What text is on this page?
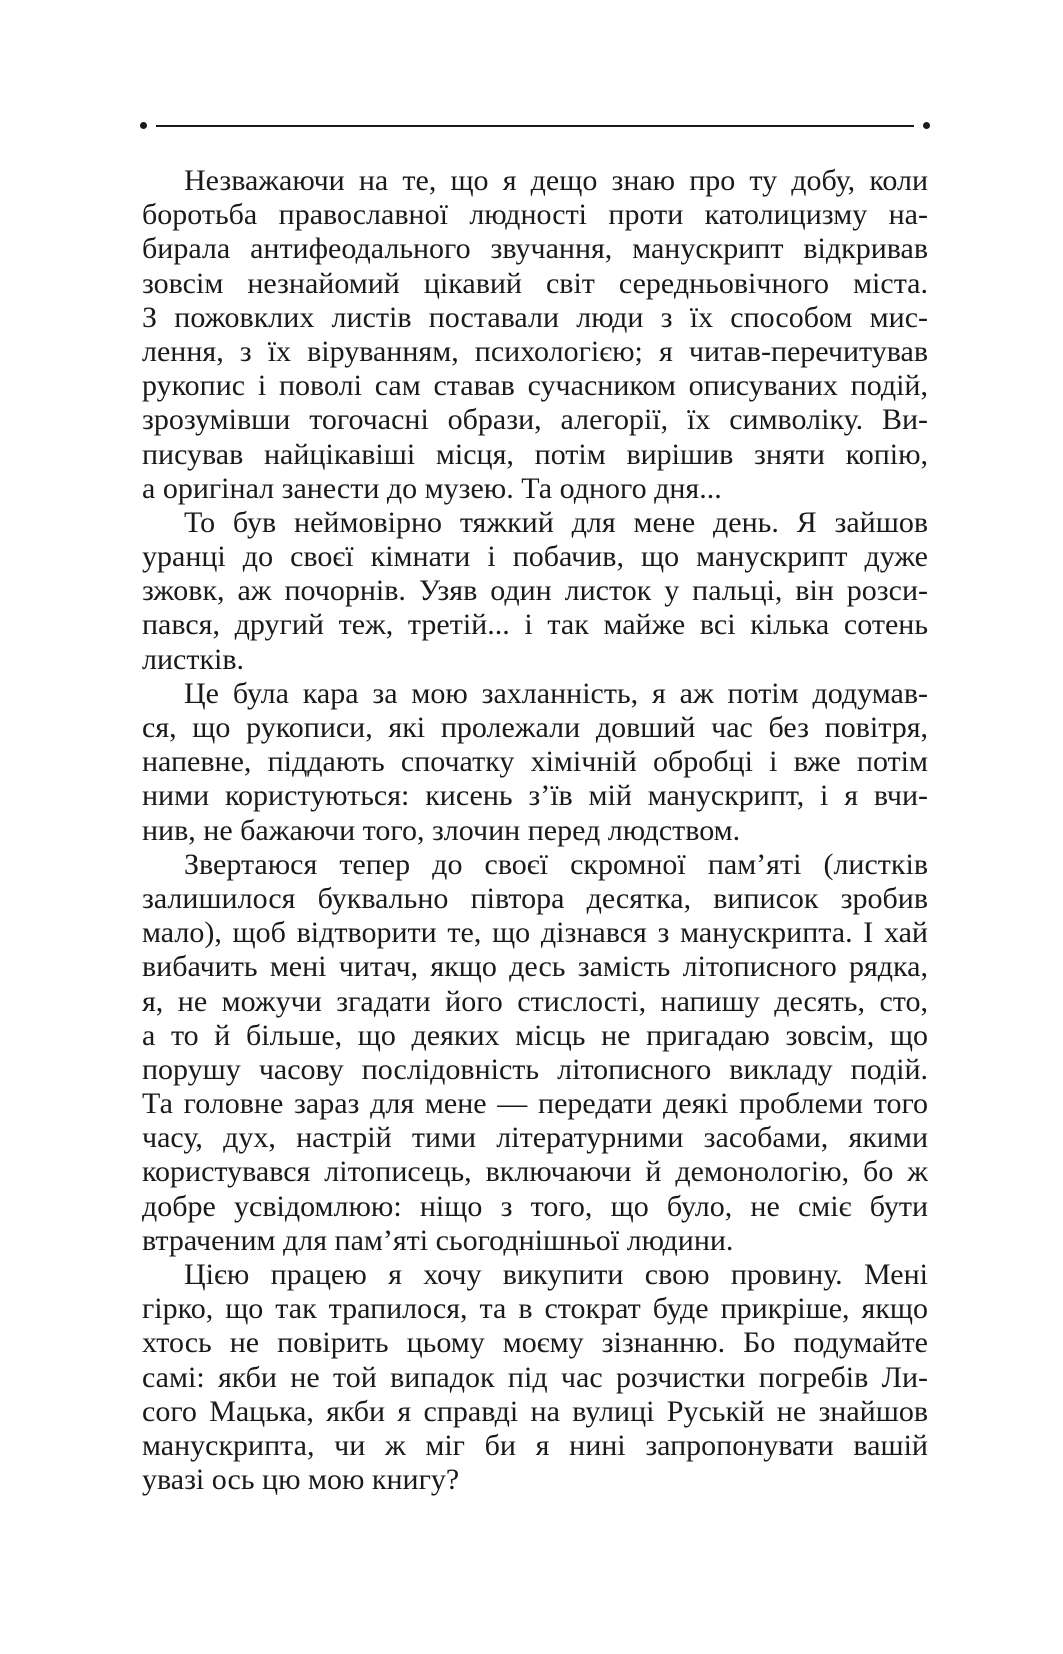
Незважаючи на те, що я дещо знаю про ту добу, коли
боротьба православної людності проти католицизму на-
бирала антифеодального звучання, манускрипт відкривав
зовсім незнайомий цікавий світ середньовічного міста.
З пожовклих листів поставали люди з їх способом мис-
лення, з їх віруванням, психологією; я читав-перечитував
рукопис і поволі сам ставав сучасником описуваних подій,
зрозумівши тогочасні образи, алегорії, їх символіку. Ви-
писував найцікавіші місця, потім вирішив зняти копію,
а оригінал занести до музею. Та одного дня...
То був неймовірно тяжкий для мене день. Я зайшов
уранці до своєї кімнати і побачив, що манускрипт дуже
зжовк, аж почорнів. Узяв один листок у пальці, він розси-
пався, другий теж, третій... і так майже всі кілька сотень
листків.
Це була кара за мою захланність, я аж потім додумав-
ся, що рукописи, які пролежали довший час без повітря,
напевне, піддають спочатку хімічній обробці і вже потім
ними користуються: кисень з’їв мій манускрипт, і я вчи-
нив, не бажаючи того, злочин перед людством.
Звертаюся тепер до своєї скромної пам’яті (листків
залишилося буквально півтора десятка, виписок зробив
мало), щоб відтворити те, що дізнався з манускрипта. І хай
вибачить мені читач, якщо десь замість літописного рядка,
я, не можучи згадати його стислості, напишу десять, сто,
а то й більше, що деяких місць не пригадаю зовсім, що
порушу часову послідовність літописного викладу подій.
Та головне зараз для мене — передати деякі проблеми того
часу, дух, настрій тими літературними засобами, якими
користувався літописець, включаючи й демонологію, бо ж
добре усвідомлюю: ніщо з того, що було, не сміє бути
втраченим для пам’яті сьогоднішньої людини.
Цією працею я хочу викупити свою провину. Мені
гірко, що так трапилося, та в стократ буде прикріше, якщо
хтось не повірить цьому моєму зізнанню. Бо подумайте
самі: якби не той випадок під час розчистки погребів Ли-
сого Мацька, якби я справді на вулиці Руській не знайшов
манускрипта, чи ж міг би я нині запропонувати вашій
увазі ось цю мою книгу?
